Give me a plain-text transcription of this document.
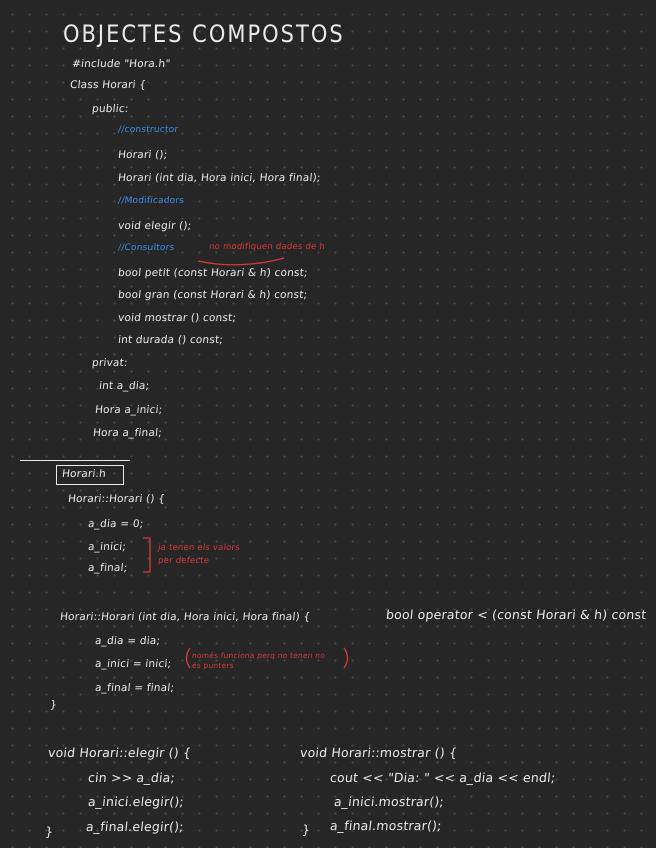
OBJECTES COMPOSTOS
#include "Hora.h"
Class Horari {
public:
//constructor
Horari ();
Horari (int dia, Hora inici, Hora final);
//Modificadors
void elegir ();
//Consultors	no modifiquen dades de h
bool petit (const Horari & h) const;
bool gran (const Horari & h) const;
void mostrar () const;
int durada () const;
privat:
int a_dia;
Hora a_inici;
Hora a_final;
Horari.h
Horari::Horari () {
a_dia = 0;
a_inici;
a_final;
ja tenen els valors
per defecte
Horari::Horari (int dia, Hora inici, Hora final) {	bool operator < (const Horari & h) const
a_dia = dia;
a_inici = inici;
a_final = final;
}
només funciona perq no tenen no
és punters
void Horari::elegir () {
cin >> a_dia;
a_inici.elegir();
a_final.elegir();
}
void Horari::mostrar () {
cout << "Dia: " << a_dia << endl;
a_inici.mostrar();
a_final.mostrar();
}
